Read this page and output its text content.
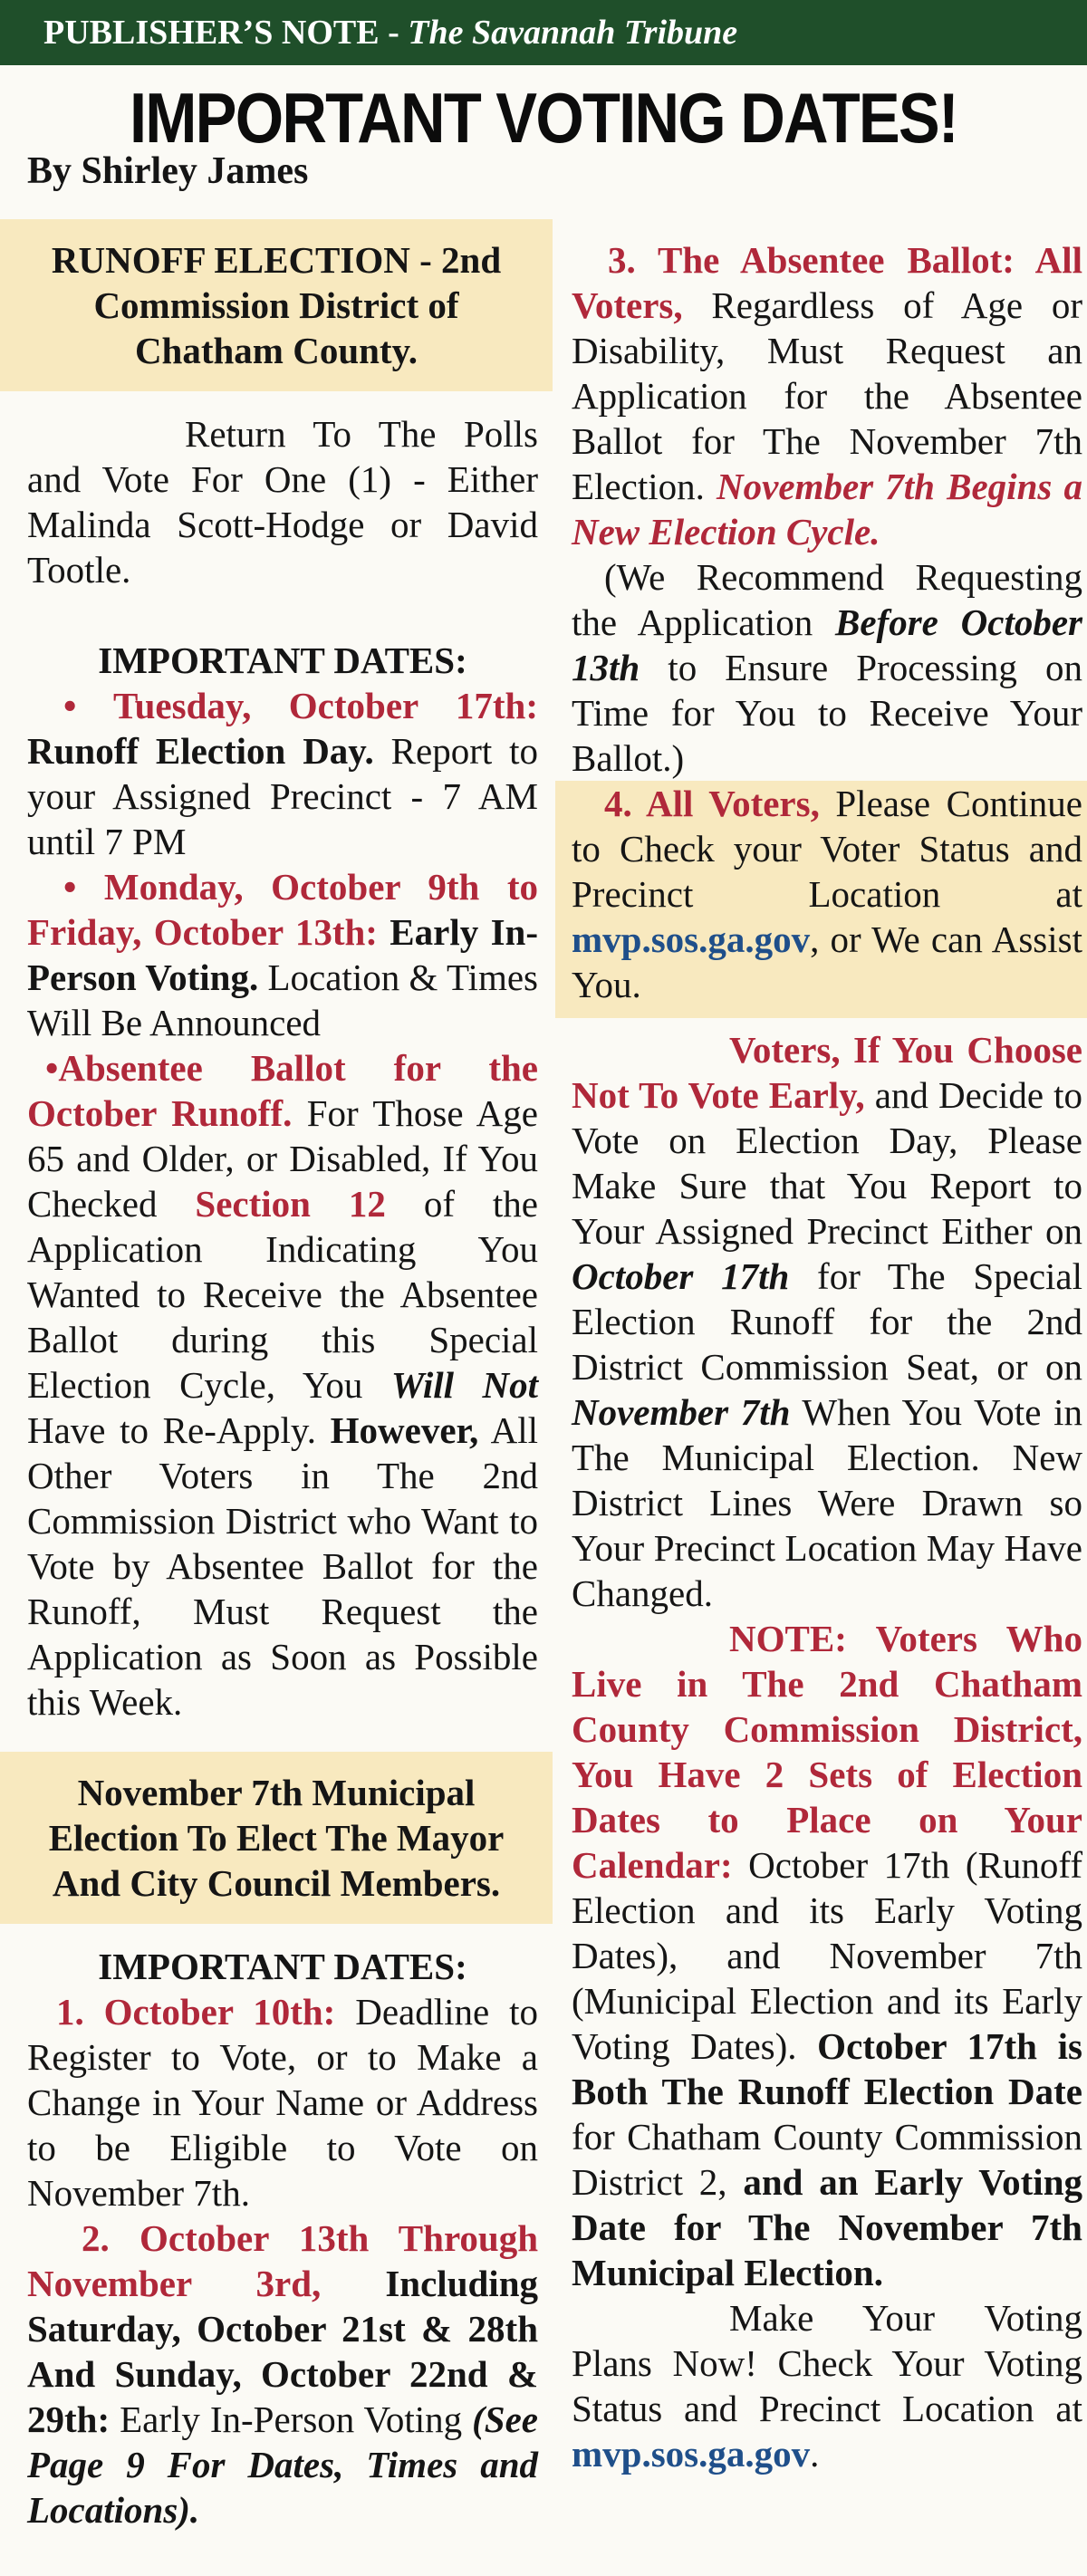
PUBLISHER’S NOTE - The Savannah Tribune
IMPORTANT VOTING DATES!
By Shirley James
RUNOFF ELECTION - 2nd Commission District of Chatham County.

Return To The Polls and Vote For One (1) - Either Malinda Scott-Hodge or David Tootle.

IMPORTANT DATES:

• Tuesday, October 17th: Runoff Election Day. Report to your Assigned Precinct - 7 AM until 7 PM

• Monday, October 9th to Friday, October 13th: Early In-Person Voting. Location & Times Will Be Announced

•Absentee Ballot for the October Runoff. For Those Age 65 and Older, or Disabled, If You Checked Section 12 of the Application Indicating You Wanted to Receive the Absentee Ballot during this Special Election Cycle, You Will Not Have to Re-Apply. However, All Other Voters in The 2nd Commission District who Want to Vote by Absentee Ballot for the Runoff, Must Request the Application as Soon as Possible this Week.

November 7th Municipal Election To Elect The Mayor And City Council Members.

IMPORTANT DATES:

1. October 10th: Deadline to Register to Vote, or to Make a Change in Your Name or Address to be Eligible to Vote on November 7th.

2. October 13th Through November 3rd, Including Saturday, October 21st & 28th And Sunday, October 22nd & 29th: Early In-Person Voting (See Page 9 For Dates, Times and Locations).

3. The Absentee Ballot: All Voters, Regardless of Age or Disability, Must Request an Application for the Absentee Ballot for The November 7th Election. November 7th Begins a New Election Cycle.

(We Recommend Requesting the Application Before October 13th to Ensure Processing on Time for You to Receive Your Ballot.)

4. All Voters, Please Continue to Check your Voter Status and Precinct Location at mvp.sos.ga.gov, or We can Assist You.

Voters, If You Choose Not To Vote Early, and Decide to Vote on Election Day, Please Make Sure that You Report to Your Assigned Precinct Either on October 17th for The Special Election Runoff for the 2nd District Commission Seat, or on November 7th When You Vote in The Municipal Election. New District Lines Were Drawn so Your Precinct Location May Have Changed.

NOTE: Voters Who Live in The 2nd Chatham County Commission District, You Have 2 Sets of Election Dates to Place on Your Calendar: October 17th (Runoff Election and its Early Voting Dates), and November 7th (Municipal Election and its Early Voting Dates). October 17th is Both The Runoff Election Date for Chatham County Commission District 2, and an Early Voting Date for The November 7th Municipal Election.

Make Your Voting Plans Now! Check Your Voting Status and Precinct Location at mvp.sos.ga.gov.
